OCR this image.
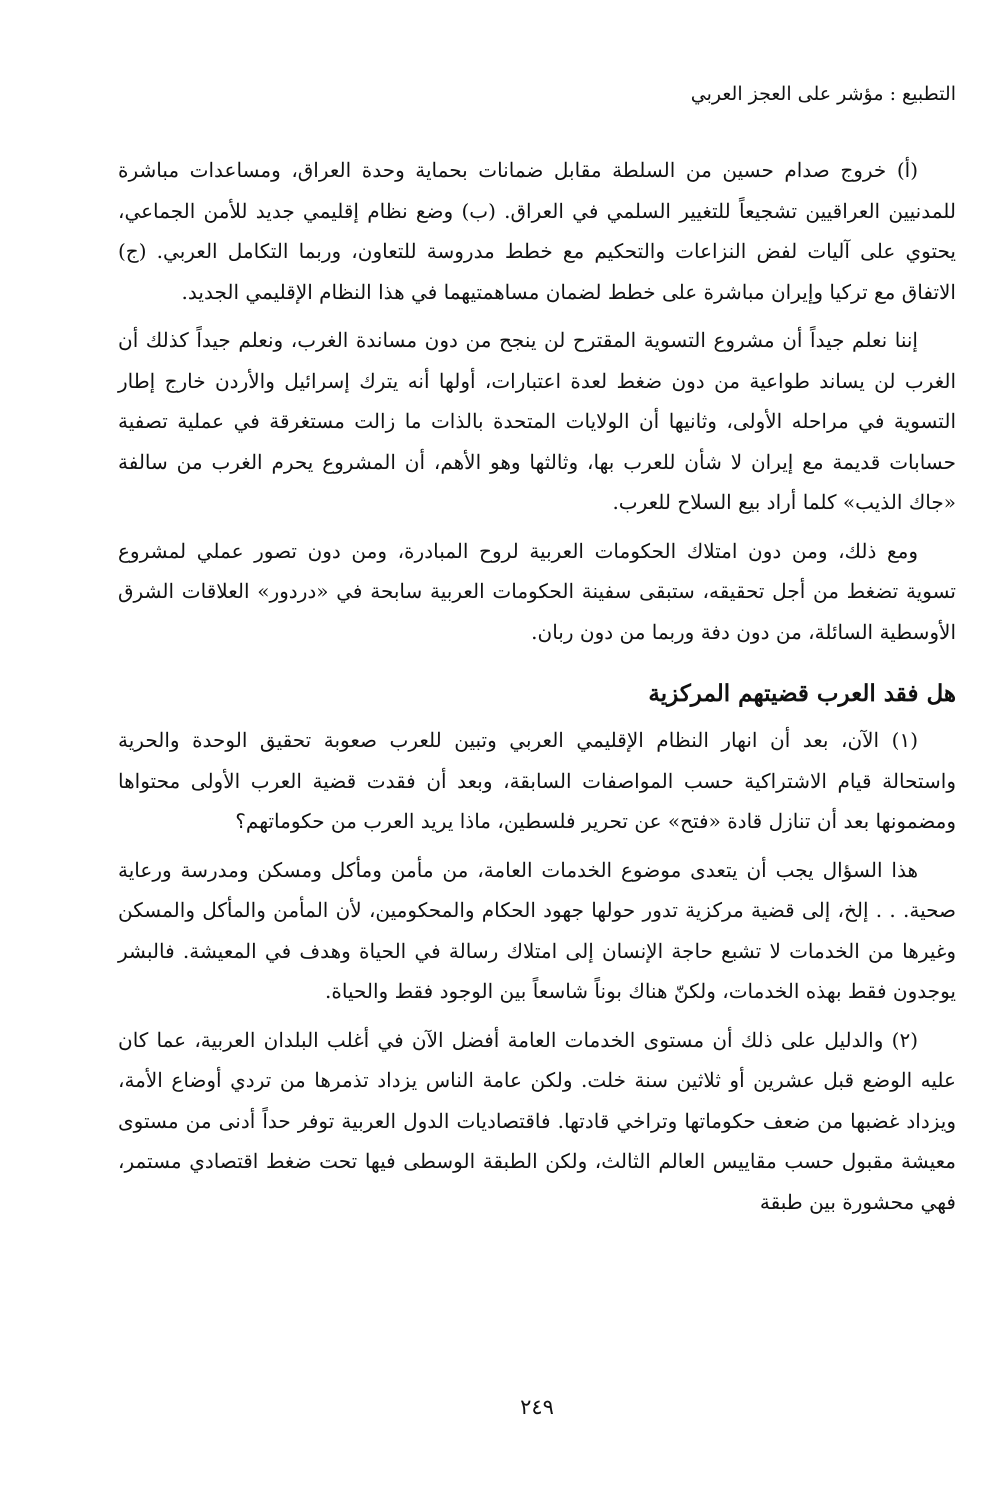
التطبيع : مؤشر على العجز العربي

(أ) خروج صدام حسين من السلطة مقابل ضمانات بحماية وحدة العراق، ومساعدات مباشرة للمدنيين العراقيين تشجيعاً للتغيير السلمي في العراق. (ب) وضع نظام إقليمي جديد للأمن الجماعي، يحتوي على آليات لفض النزاعات والتحكيم مع خطط مدروسة للتعاون، وربما التكامل العربي. (ج) الاتفاق مع تركيا وإيران مباشرة على خطط لضمان مساهمتيهما في هذا النظام الإقليمي الجديد.

إننا نعلم جيداً أن مشروع التسوية المقترح لن ينجح من دون مساندة الغرب، ونعلم جيداً كذلك أن الغرب لن يساند طواعية من دون ضغط لعدة اعتبارات، أولها أنه يترك إسرائيل والأردن خارج إطار التسوية في مراحله الأولى، وثانيها أن الولايات المتحدة بالذات ما زالت مستغرقة في عملية تصفية حسابات قديمة مع إيران لا شأن للعرب بها، وثالثها وهو الأهم، أن المشروع يحرم الغرب من سالفة «جاك الذيب» كلما أراد بيع السلاح للعرب.

ومع ذلك، ومن دون امتلاك الحكومات العربية لروح المبادرة، ومن دون تصور عملي لمشروع تسوية تضغط من أجل تحقيقه، ستبقى سفينة الحكومات العربية سابحة في «دردور» العلاقات الشرق الأوسطية السائلة، من دون دفة وربما من دون ربان.

هل فقد العرب قضيتهم المركزية

(١) الآن، بعد أن انهار النظام الإقليمي العربي وتبين للعرب صعوبة تحقيق الوحدة والحرية واستحالة قيام الاشتراكية حسب المواصفات السابقة، وبعد أن فقدت قضية العرب الأولى محتواها ومضمونها بعد أن تنازل قادة «فتح» عن تحرير فلسطين، ماذا يريد العرب من حكوماتهم؟

هذا السؤال يجب أن يتعدى موضوع الخدمات العامة، من مأمن ومأكل ومسكن ومدرسة ورعاية صحية. . . إلخ، إلى قضية مركزية تدور حولها جهود الحكام والمحكومين، لأن المأمن والمأكل والمسكن وغيرها من الخدمات لا تشبع حاجة الإنسان إلى امتلاك رسالة في الحياة وهدف في المعيشة. فالبشر يوجدون فقط بهذه الخدمات، ولكنّ هناك بوناً شاسعاً بين الوجود فقط والحياة.

(٢) والدليل على ذلك أن مستوى الخدمات العامة أفضل الآن في أغلب البلدان العربية، عما كان عليه الوضع قبل عشرين أو ثلاثين سنة خلت. ولكن عامة الناس يزداد تذمرها من تردي أوضاع الأمة، ويزداد غضبها من ضعف حكوماتها وتراخي قادتها. فاقتصاديات الدول العربية توفر حداً أدنى من مستوى معيشة مقبول حسب مقاييس العالم الثالث، ولكن الطبقة الوسطى فيها تحت ضغط اقتصادي مستمر، فهي محشورة بين طبقة

٢٤٩
